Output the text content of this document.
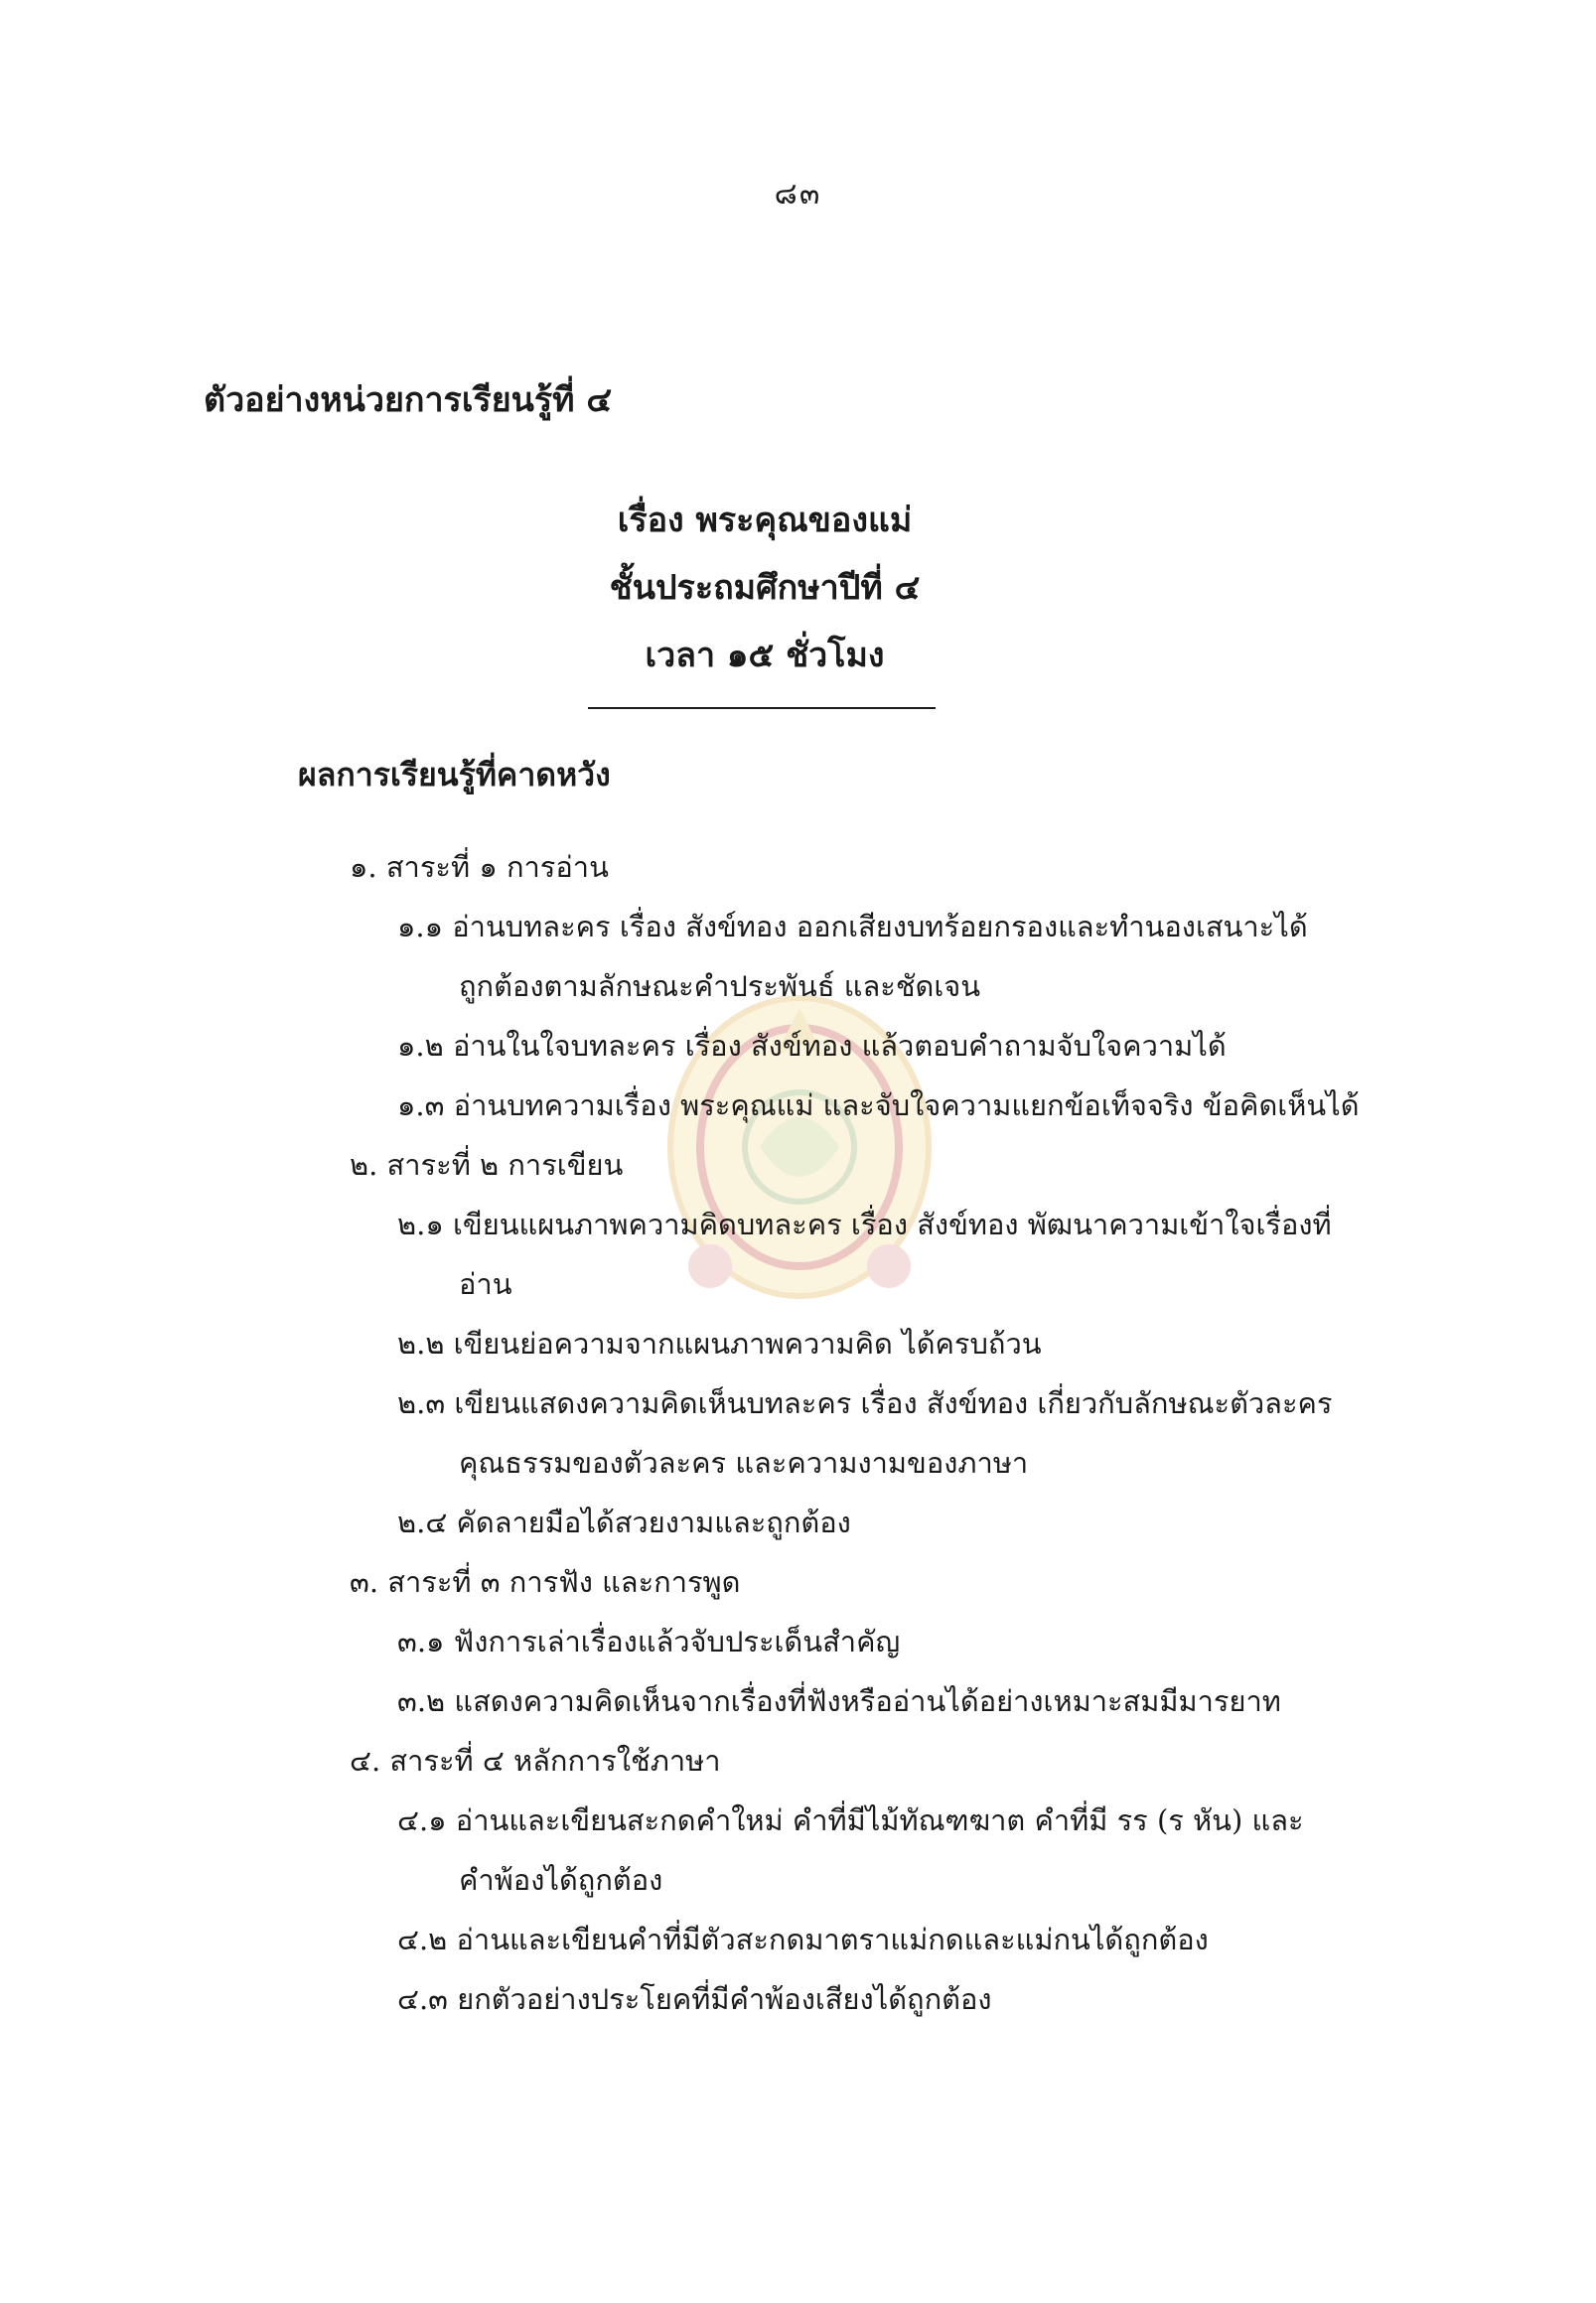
๘๓
ตัวอย่างหน่วยการเรียนรู้ที่ ๔
เรื่อง พระคุณของแม่
ชั้นประถมศึกษาปีที่ ๔
เวลา ๑๕ ชั่วโมง
ผลการเรียนรู้ที่คาดหวัง
๑. สาระที่ ๑ การอ่าน
๑.๑ อ่านบทละคร เรื่อง สังข์ทอง ออกเสียงบทร้อยกรองและทำนองเสนาะได้
ถูกต้องตามลักษณะคำประพันธ์ และชัดเจน
๑.๒ อ่านในใจบทละคร เรื่อง สังข์ทอง แล้วตอบคำถามจับใจความได้
๑.๓ อ่านบทความเรื่อง พระคุณแม่ และจับใจความแยกข้อเท็จจริง ข้อคิดเห็นได้
๒. สาระที่ ๒ การเขียน
๒.๑ เขียนแผนภาพความคิดบทละคร เรื่อง สังข์ทอง พัฒนาความเข้าใจเรื่องที่
อ่าน
๒.๒ เขียนย่อความจากแผนภาพความคิด ได้ครบถ้วน
๒.๓ เขียนแสดงความคิดเห็นบทละคร เรื่อง สังข์ทอง เกี่ยวกับลักษณะตัวละคร
คุณธรรมของตัวละคร และความงามของภาษา
๒.๔ คัดลายมือได้สวยงามและถูกต้อง
๓. สาระที่ ๓ การฟัง และการพูด
๓.๑ ฟังการเล่าเรื่องแล้วจับประเด็นสำคัญ
๓.๒ แสดงความคิดเห็นจากเรื่องที่ฟังหรืออ่านได้อย่างเหมาะสมมีมารยาท
๔. สาระที่ ๔ หลักการใช้ภาษา
๔.๑ อ่านและเขียนสะกดคำใหม่ คำที่มีไม้ทัณฑฆาต คำที่มี รร (ร หัน) และ
คำพ้องได้ถูกต้อง
๔.๒ อ่านและเขียนคำที่มีตัวสะกดมาตราแม่กดและแม่กนได้ถูกต้อง
๔.๓ ยกตัวอย่างประโยคที่มีคำพ้องเสียงได้ถูกต้อง
